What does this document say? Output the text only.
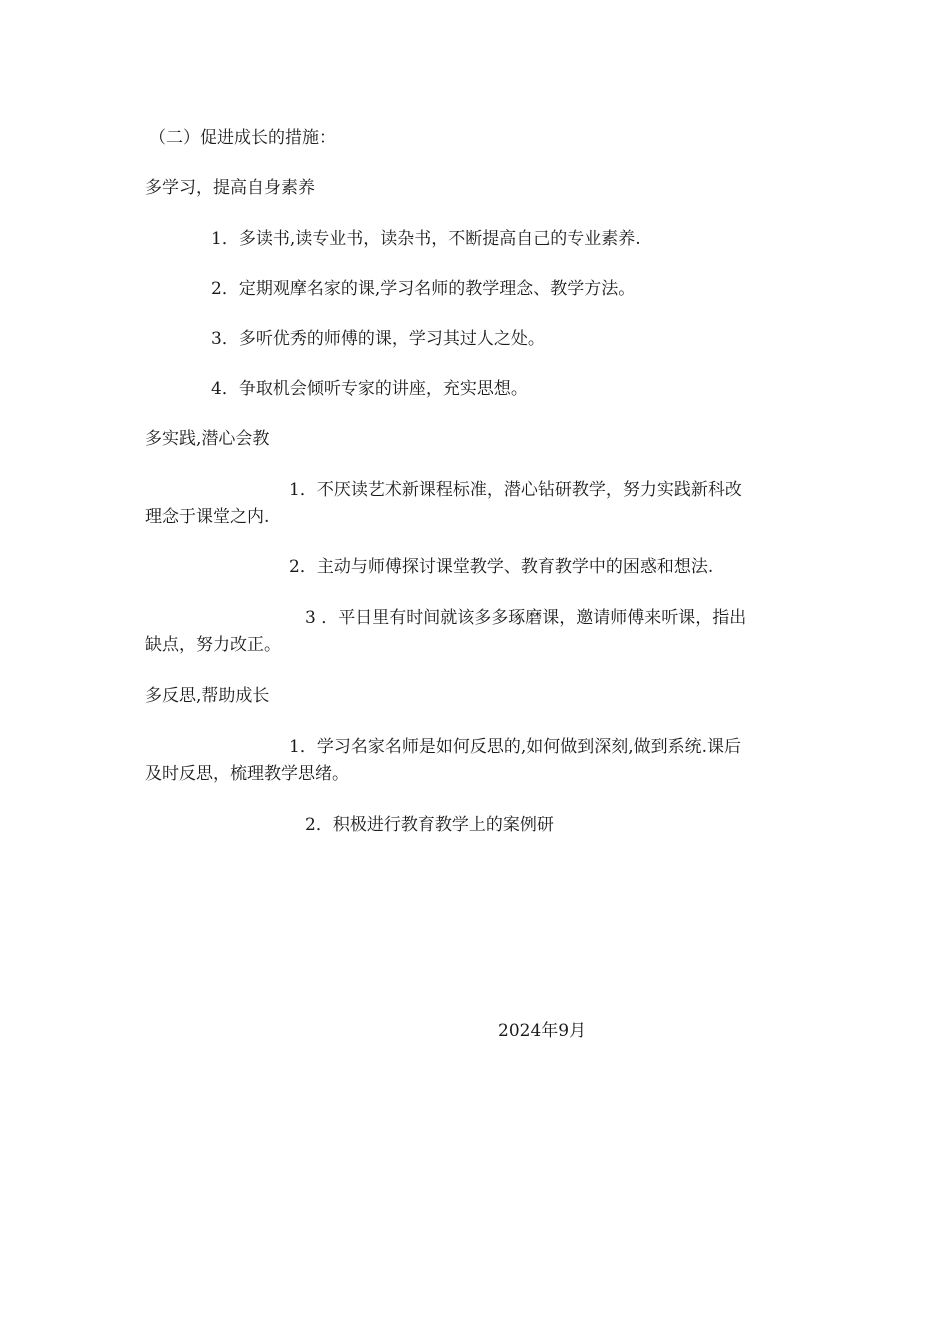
（二）促进成长的措施：
多学习，提高自身素养
1．多读书,读专业书，读杂书，不断提高自己的专业素养.
2．定期观摩名家的课,学习名师的教学理念、教学方法。
3．多听优秀的师傅的课，学习其过人之处。
4．争取机会倾听专家的讲座，充实思想。
多实践,潜心会教
1．不厌读艺术新课程标准，潜心钻研教学，努力实践新科改
理念于课堂之内.
2．主动与师傅探讨课堂教学、教育教学中的困惑和想法.
3 ．平日里有时间就该多多琢磨课，邀请师傅来听课，指出
缺点，努力改正。
多反思,帮助成长
1．学习名家名师是如何反思的,如何做到深刻,做到系统.课后
及时反思，梳理教学思绪。
2．积极进行教育教学上的案例研
2024年9月
